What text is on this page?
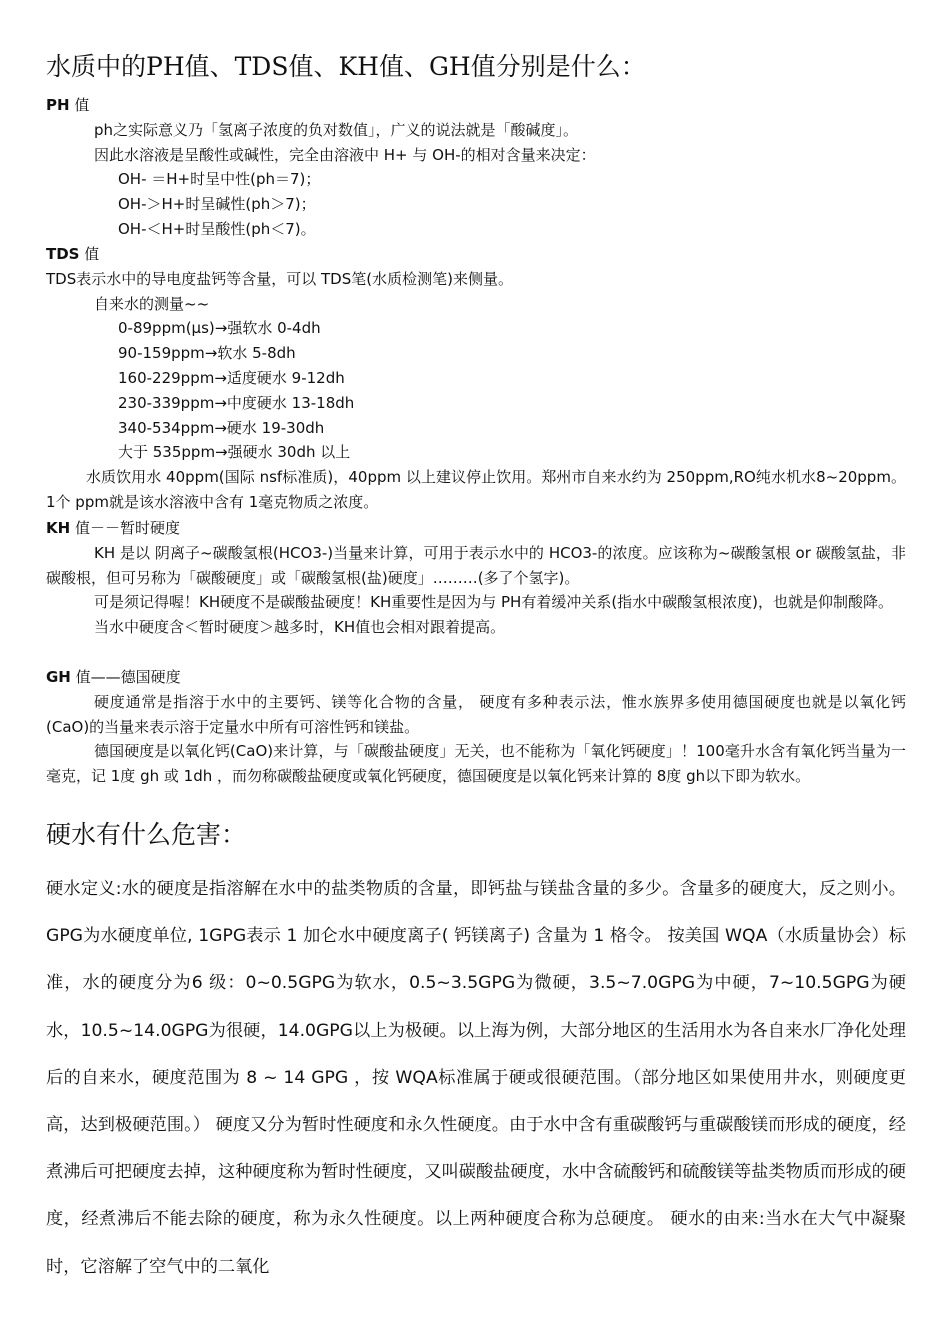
水质中的PH值、TDS值、KH值、GH值分别是什么：
PH 值
ph之实际意义乃「氢离子浓度的负对数值」，广义的说法就是「酸碱度」。
因此水溶液是呈酸性或碱性，完全由溶液中 H+ 与 OH-的相对含量来决定：
OH- ＝H+时呈中性(ph＝7)；
OH-＞H+时呈碱性(ph＞7)；
OH-＜H+时呈酸性(ph＜7)。
TDS 值
TDS表示水中的导电度盐钙等含量，可以 TDS笔(水质检测笔)来侧量。
自来水的测量~~
0-89ppm(μs)→强软水 0-4dh
90-159ppm→软水 5-8dh
160-229ppm→适度硬水 9-12dh
230-339ppm→中度硬水 13-18dh
340-534ppm→硬水 19-30dh
大于 535ppm→强硬水 30dh 以上
水质饮用水 40ppm(国际 nsf标准质)，40ppm 以上建议停止饮用。郑州市自来水约为 250ppm,RO纯水机水8~20ppm。1个 ppm就是该水溶液中含有 1毫克物质之浓度。
KH 值－－暂时硬度
KH 是以 阴离子~碳酸氢根(HCO3-)当量来计算，可用于表示水中的 HCO3-的浓度。应该称为~碳酸氢根 or 碳酸氢盐，非碳酸根，但可另称为「碳酸硬度」或「碳酸氢根(盐)硬度」………(多了个氢字)。
可是须记得喔！KH硬度不是碳酸盐硬度！KH重要性是因为与 PH有着缓冲关系(指水中碳酸氢根浓度)，也就是仰制酸降。
当水中硬度含＜暂时硬度＞越多时，KH值也会相对跟着提高。
GH 值——德国硬度
硬度通常是指溶于水中的主要钙、镁等化合物的含量， 硬度有多种表示法，惟水族界多使用德国硬度也就是以氧化钙(CaO)的当量来表示溶于定量水中所有可溶性钙和镁盐。
德国硬度是以氧化钙(CaO)来计算，与「碳酸盐硬度」无关，也不能称为「氧化钙硬度」！100毫升水含有氧化钙当量为一毫克，记 1度 gh 或 1dh ，而勿称碳酸盐硬度或氧化钙硬度，德国硬度是以氧化钙来计算的 8度 gh以下即为软水。
硬水有什么危害：
硬水定义:水的硬度是指溶解在水中的盐类物质的含量，即钙盐与镁盐含量的多少。含量多的硬度大，反之则小。GPG为水硬度单位, 1GPG表示 1 加仑水中硬度离子( 钙镁离子) 含量为 1 格令。 按美国 WQA（水质量协会）标准，水的硬度分为6 级：0~0.5GPG为软水，0.5~3.5GPG为微硬，3.5~7.0GPG为中硬，7~10.5GPG为硬水，10.5~14.0GPG为很硬，14.0GPG以上为极硬。以上海为例，大部分地区的生活用水为各自来水厂净化处理后的自来水，硬度范围为 8 ~ 14 GPG ，按 WQA标准属于硬或很硬范围。（部分地区如果使用井水，则硬度更高，达到极硬范围。） 硬度又分为暂时性硬度和永久性硬度。由于水中含有重碳酸钙与重碳酸镁而形成的硬度，经煮沸后可把硬度去掉，这种硬度称为暂时性硬度，又叫碳酸盐硬度，水中含硫酸钙和硫酸镁等盐类物质而形成的硬度，经煮沸后不能去除的硬度，称为永久性硬度。以上两种硬度合称为总硬度。 硬水的由来:当水在大气中凝聚时，它溶解了空气中的二氧化
